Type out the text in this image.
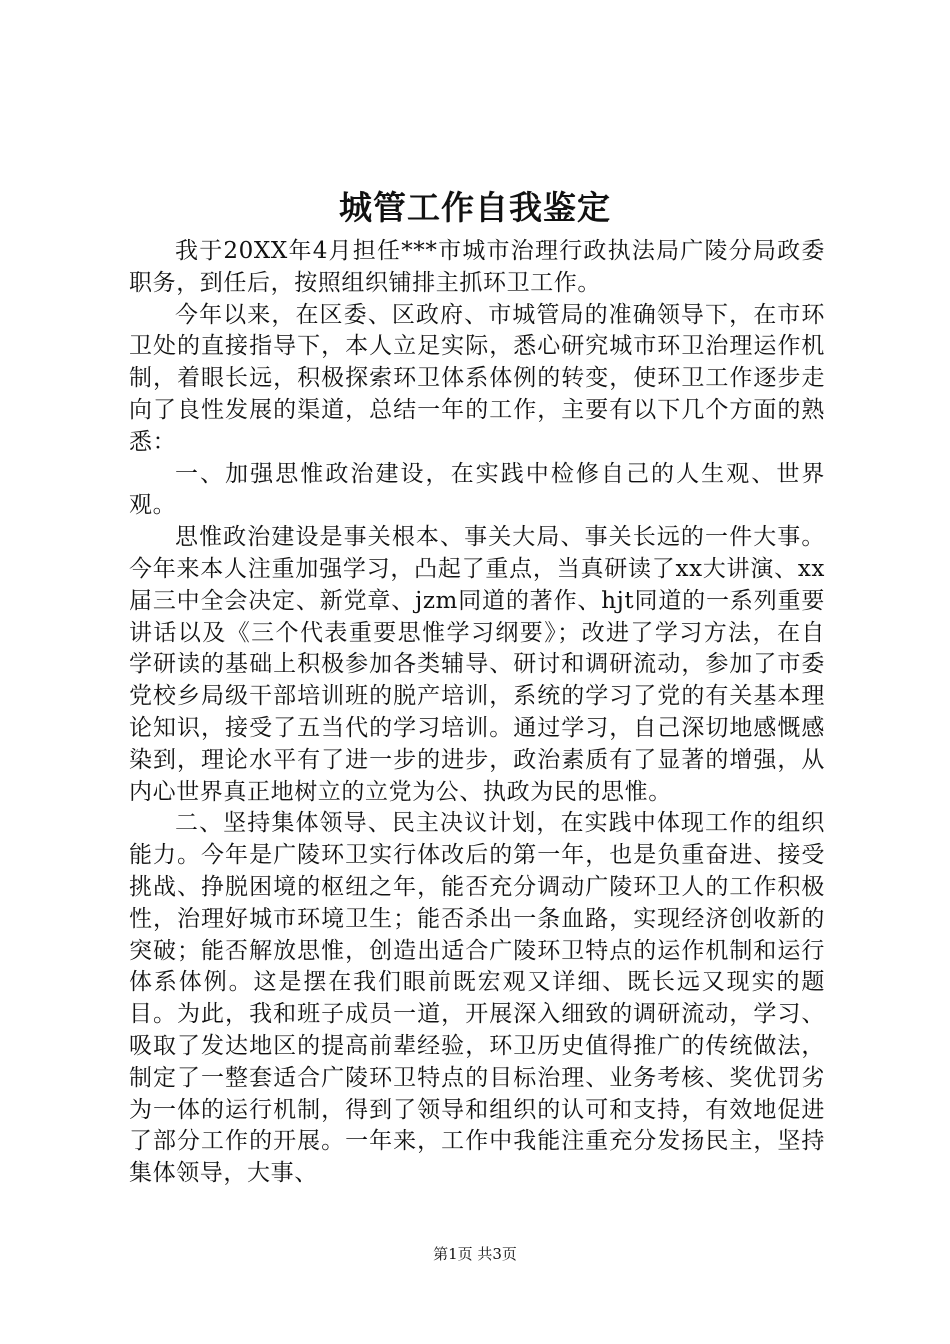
城管工作自我鉴定

我于20XX年4月担任***市城市治理行政执法局广陵分局政委职务，到任后，按照组织铺排主抓环卫工作。

今年以来，在区委、区政府、市城管局的准确领导下，在市环卫处的直接指导下，本人立足实际，悉心研究城市环卫治理运作机制，着眼长远，积极探索环卫体系体例的转变，使环卫工作逐步走向了良性发展的渠道，总结一年的工作，主要有以下几个方面的熟悉：

一、加强思惟政治建设，在实践中检修自己的人生观、世界观。

思惟政治建设是事关根本、事关大局、事关长远的一件大事。今年来本人注重加强学习，凸起了重点，当真研读了xx大讲演、xx届三中全会决定、新党章、jzm同道的著作、hjt同道的一系列重要讲话以及《三个代表重要思惟学习纲要》；改进了学习方法，在自学研读的基础上积极参加各类辅导、研讨和调研流动，参加了市委党校乡局级干部培训班的脱产培训，系统的学习了党的有关基本理论知识，接受了五当代的学习培训。通过学习，自己深切地感慨感染到，理论水平有了进一步的进步，政治素质有了显著的增强，从内心世界真正地树立的立党为公、执政为民的思惟。

二、坚持集体领导、民主决议计划，在实践中体现工作的组织能力。今年是广陵环卫实行体改后的第一年，也是负重奋进、接受挑战、挣脱困境的枢纽之年，能否充分调动广陵环卫人的工作积极性，治理好城市环境卫生；能否杀出一条血路，实现经济创收新的突破；能否解放思惟，创造出适合广陵环卫特点的运作机制和运行体系体例。这是摆在我们眼前既宏观又详细、既长远又现实的题目。为此，我和班子成员一道，开展深入细致的调研流动，学习、吸取了发达地区的提高前辈经验，环卫历史值得推广的传统做法，制定了一整套适合广陵环卫特点的目标治理、业务考核、奖优罚劣为一体的运行机制，得到了领导和组织的认可和支持，有效地促进了部分工作的开展。一年来，工作中我能注重充分发扬民主，坚持集体领导，大事、

第1页 共3页
